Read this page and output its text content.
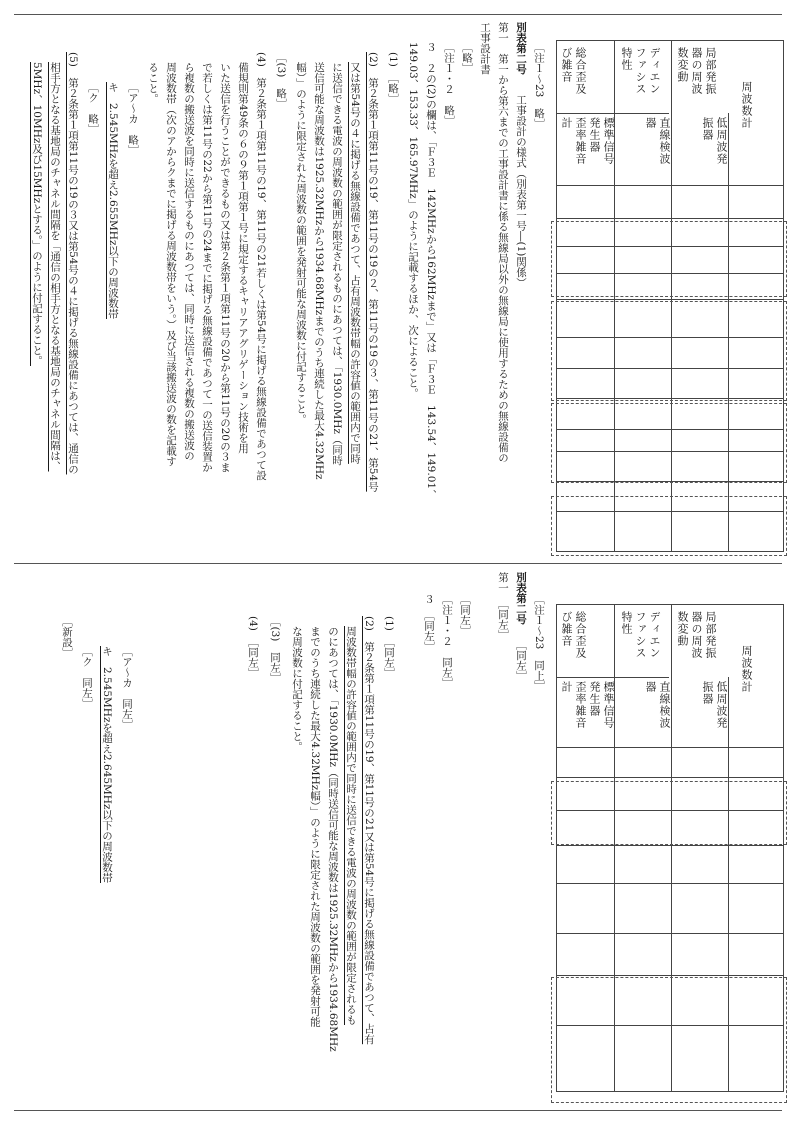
周波数計
低周波発
振器
標準信号
発生器
歪率雑音
計
ディエン
ファシス
特性
総合歪及
び雑音	局部発振
器の周波
数変動
直線検波
器
［注１～23　略］
別表第二号
　工事設計の様式（別表第一号―(1)関係）
第一　第一から第六までの工事設計書に係る無線局以外の無線局に使用するための無線設備の
工事設計書
［略］
［注１・２　略］
３　２の(2)の欄は、「Ｆ３Ｅ　142MHzから162MHzまで」又は「Ｆ３Ｅ　143.54、149.01、
149.03、153.33、165.97MHz」のように記載するほか、次によること。
(1)　［略］
(2)　第２条第１項第11号の19、第11号の19の２、第11号の19の３、第11号の21、第54号
又は第54号の４に掲げる無線設備であつて、占有周波数帯幅の許容値の範囲内で同時
に送信できる電波の周波数の範囲が限定されるものにあつては、「1930.0MHz（同時
送信可能な周波数は1925.32MHzから1934.68MHzまでのうち連続した最大4.32MHz
幅）」のように限定された周波数の範囲を発射可能な周波数に付記すること。
［(3)　略］
(4)　第２条第１項第11号の19、第11号の21若しくは第54号に掲げる無線設備であつて設
備規則第49条の６の９第１項第１号に規定するキャリアアグリゲーション技術を用
いた送信を行うことができるもの又は第２条第１項第11号の20から第11号の20の３ま
で若しくは第11号の22から第11号の24までに掲げる無線設備であつて一の送信装置か
ら複数の搬送波を同時に送信するものにあつては、同時に送信される複数の搬送波の
周波数帯（次のアからクまでに掲げる周波数帯をいう。）及び当該搬送波の数を記載す
ること。
［ア～カ　略］
キ　2.545MHzを超え2.655MHz以下の周波数帯
［ク　略］
(5)　第２条第１項第11号の19の３又は第54号の４に掲げる無線設備にあつては、通信の
相手方となる基地局のチャネル間隔を「通信の相手方となる基地局のチャネル間隔は、
5MHz、10MHz及び15MHzとする。」のように付記すること。
周波数計
低周波発
振器
標準信号
発生器
歪率雑音
計
ディエン
ファシス
特性
総合歪及
び雑音	局部発振
器の周波
数変動
直線検波
器
［注１～23　同上］
別表第二号
　［同左］
第一　［同左］
［同左］
［注１・２　同左］
３　［同左］
(1)　［同左］
(2)　第２条第１項第11号の19、第11号の21又は第54号に掲げる無線設備であつて、占有
周波数帯幅の許容値の範囲内で同時に送信できる電波の周波数の範囲が限定されるも
のにあつては、「1930.0MHz（同時送信可能な周波数は1925.32MHzから1934.68MHz
までのうち連続した最大4.32MHz幅）」のように限定された周波数の範囲を発射可能
な周波数に付記すること。
［(3)　同左］
(4)　［同左］
［ア～カ　同左］
キ　2.545MHzを超え2.645MHz以下の周波数帯
［ク　同左］
［新設］
